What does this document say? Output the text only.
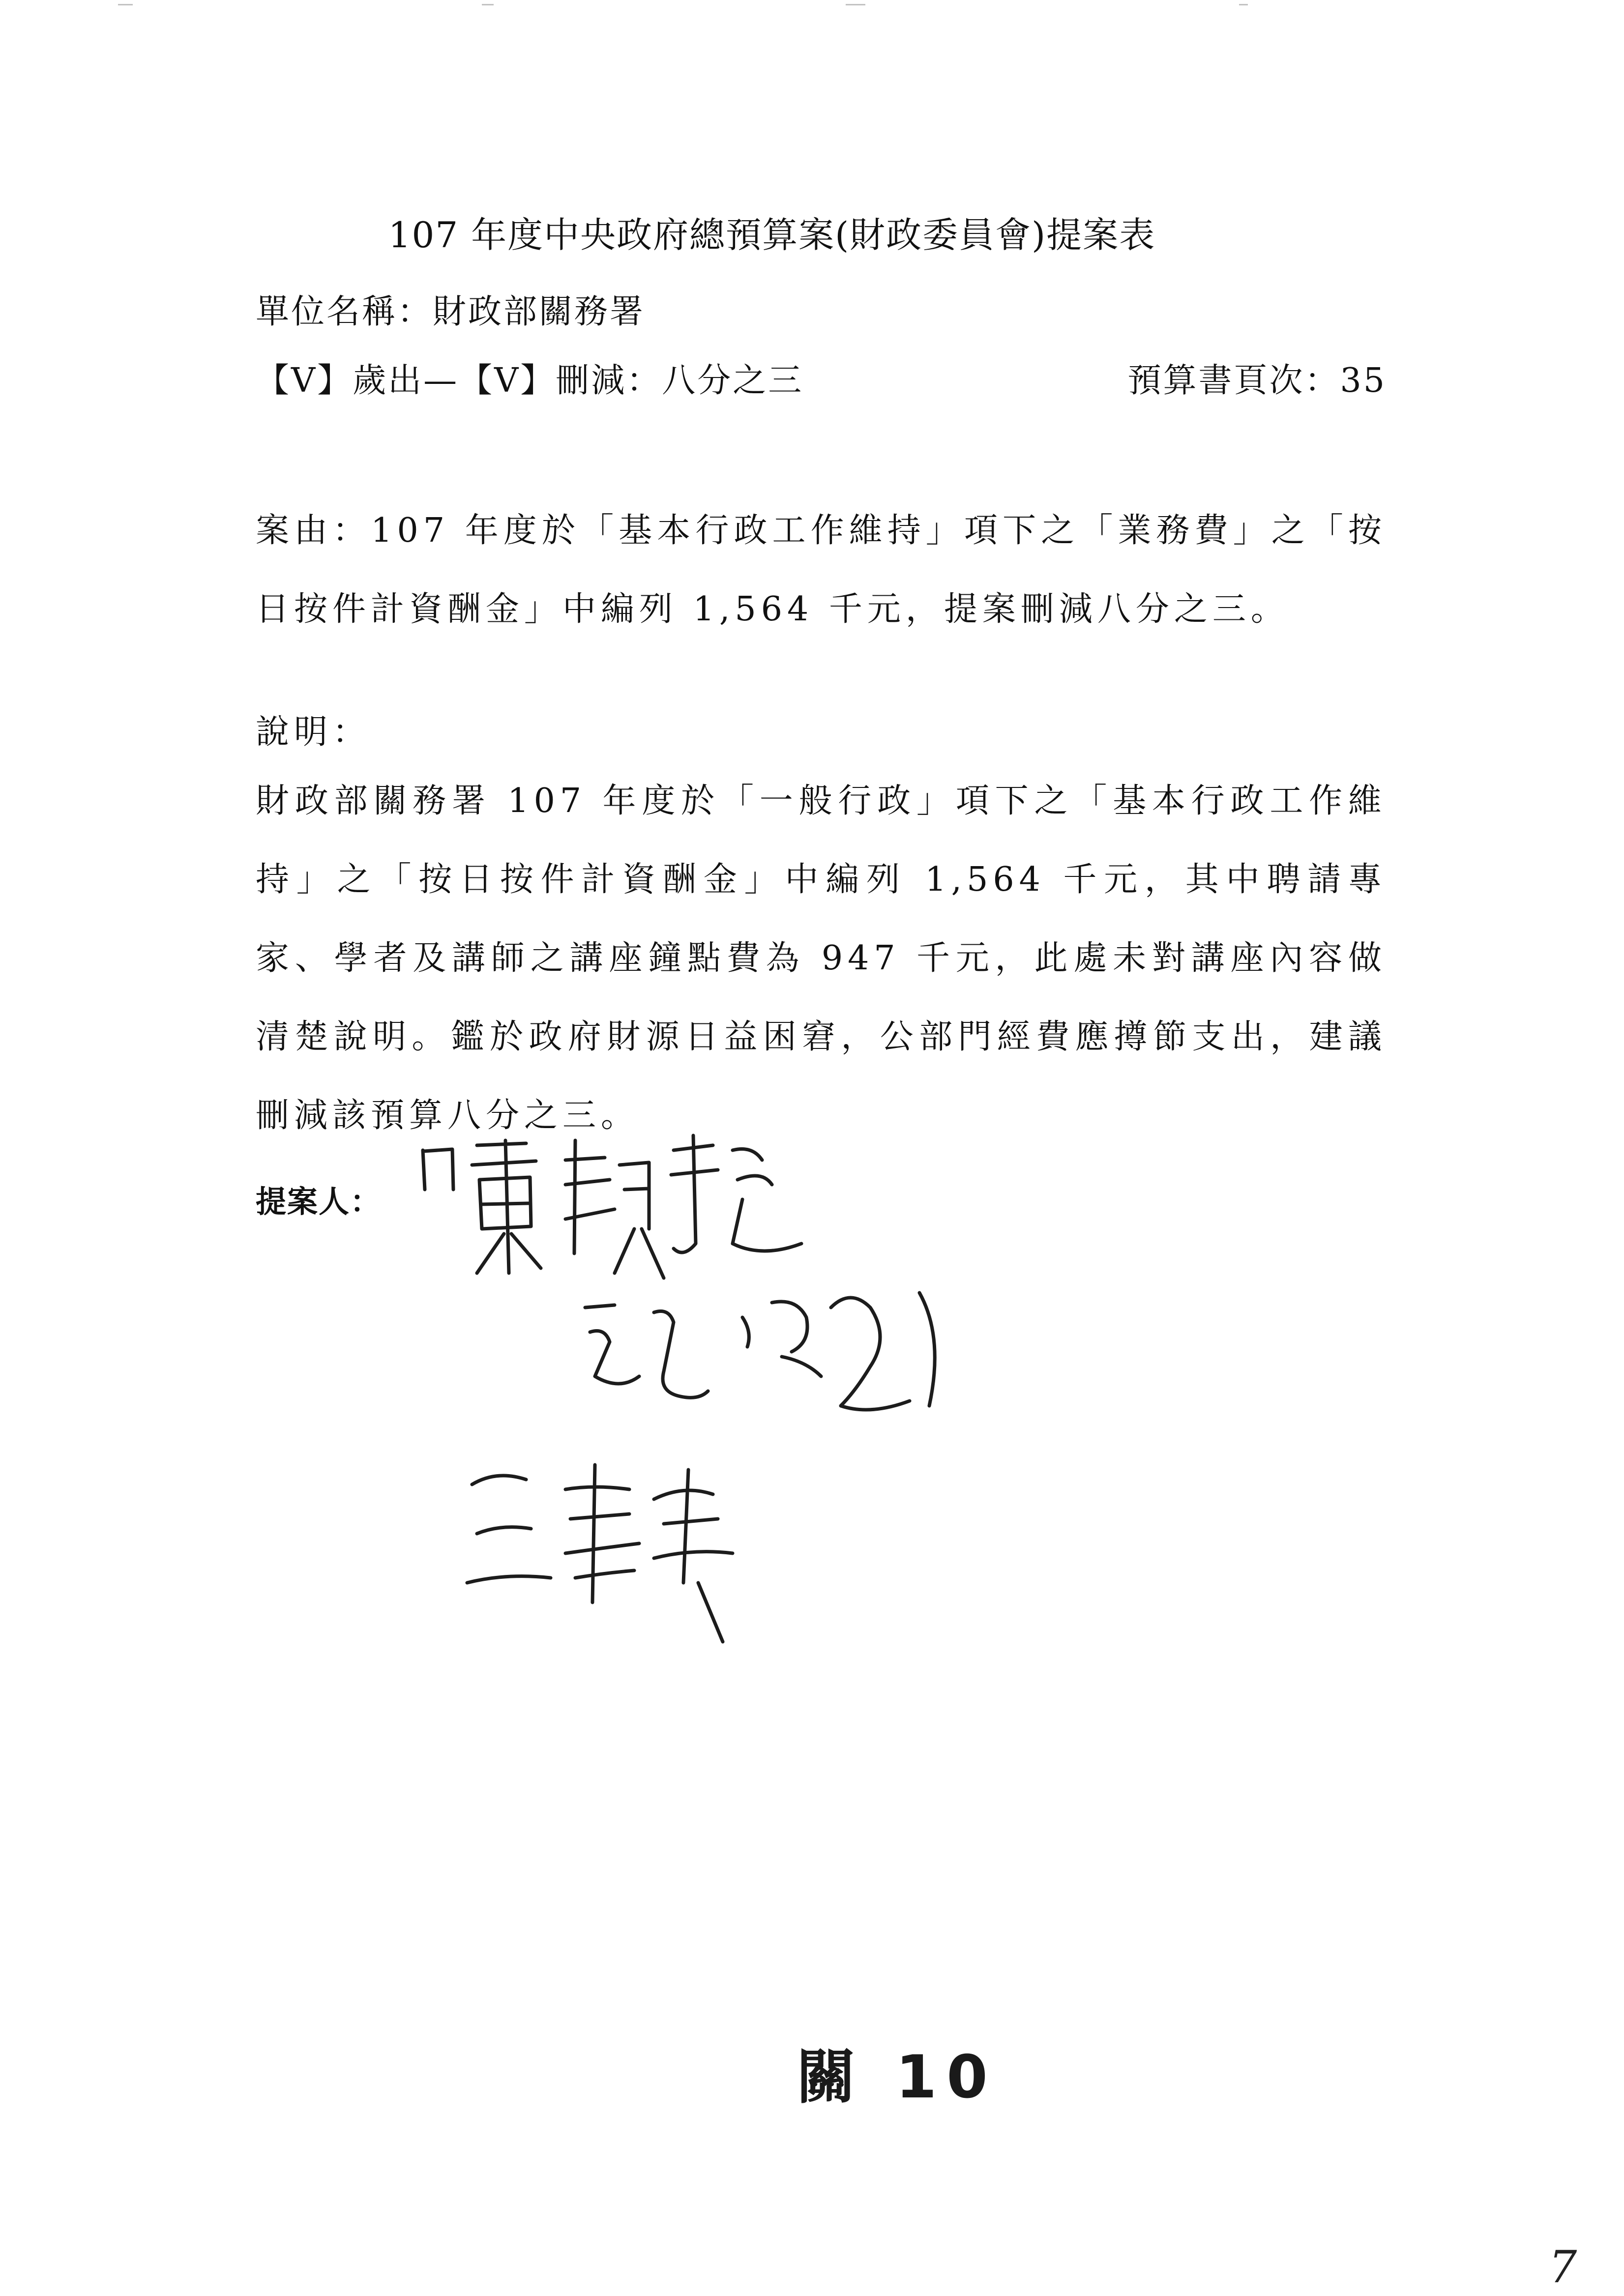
107 年度中央政府總預算案(財政委員會)提案表
單位名稱：財政部關務署
【V】歲出—【V】刪減：八分之三	預算書頁次：35
案由：107 年度於「基本行政工作維持」項下之「業務費」之「按日按件計資酬金」中編列 1,564 千元，提案刪減八分之三。
說明：
財政部關務署 107 年度於「一般行政」項下之「基本行政工作維持」之「按日按件計資酬金」中編列 1,564 千元，其中聘請專家、學者及講師之講座鐘點費為 947 千元，此處未對講座內容做清楚說明。鑑於政府財源日益困窘，公部門經費應撙節支出，建議刪減該預算八分之三。
提案人：
關 10
7
